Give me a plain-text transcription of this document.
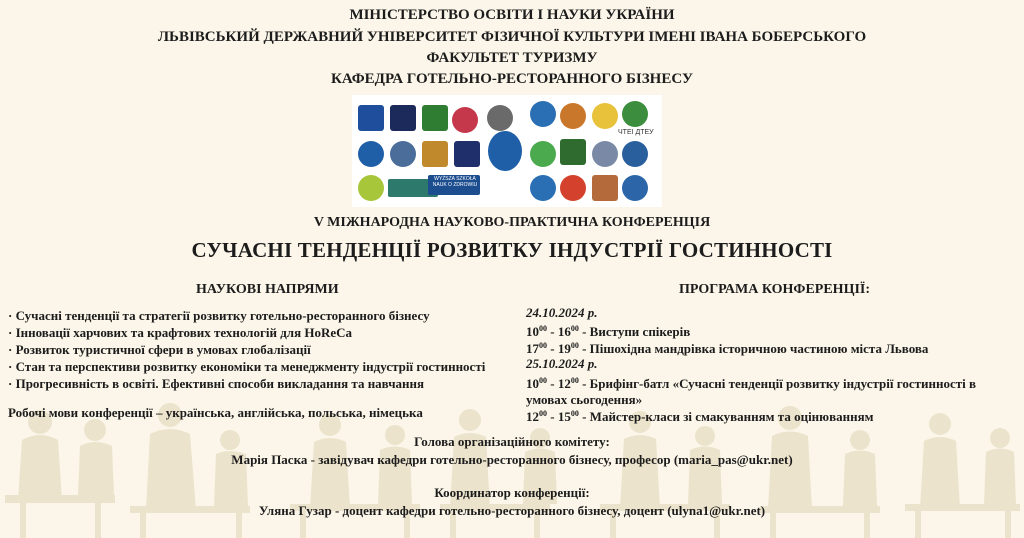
МІНІСТЕРСТВО ОСВІТИ І НАУКИ УКРАЇНИ
ЛЬВІВСЬКИЙ ДЕРЖАВНИЙ УНІВЕРСИТЕТ ФІЗИЧНОЇ КУЛЬТУРИ ІМЕНІ ІВАНА БОБЕРСЬКОГО
ФАКУЛЬТЕТ ТУРИЗМУ
КАФЕДРА ГОТЕЛЬНО-РЕСТОРАННОГО БІЗНЕСУ
ЧТЕІ ДТЕУ
WYŻSZA SZKOŁA NAUK O ZDROWIU
V МІЖНАРОДНА НАУКОВО-ПРАКТИЧНА КОНФЕРЕНЦІЯ
СУЧАСНІ ТЕНДЕНЦІЇ РОЗВИТКУ ІНДУСТРІЇ ГОСТИННОСТІ
НАУКОВІ НАПРЯМИ
· Сучасні тенденції та стратегії розвитку готельно-ресторанного бізнесу
· Інновації харчових та крафтових технологій для HoReCa
· Розвиток туристичної сфери в умовах глобалізації
· Стан та перспективи розвитку економіки та менеджменту індустрії гостинності
· Прогресивність в освіті. Ефективні способи викладання та навчання
Робочі мови конференції – українська, англійська, польська, німецька
ПРОГРАМА КОНФЕРЕНЦІЇ:
24.10.2024 р.
$10^{00} - 16^{00}$ - Виступи спікерів
$17^{00} - 19^{00}$ - Пішохідна мандрівка історичною частиною міста Львова
25.10.2024 р.
$10^{00} - 12^{00}$ - Брифінг-батл «Сучасні тенденції розвитку індустрії гостинності в умовах сьогодення»
$12^{00} - 15^{00}$ - Майстер-класи зі смакуванням та оцінюванням
Голова організаційного комітету:
Марія Паска - завідувач кафедри готельно-ресторанного бізнесу, професор (maria_pas@ukr.net)
Координатор конференції:
Уляна Гузар - доцент кафедри готельно-ресторанного бізнесу, доцент (ulyna1@ukr.net)
